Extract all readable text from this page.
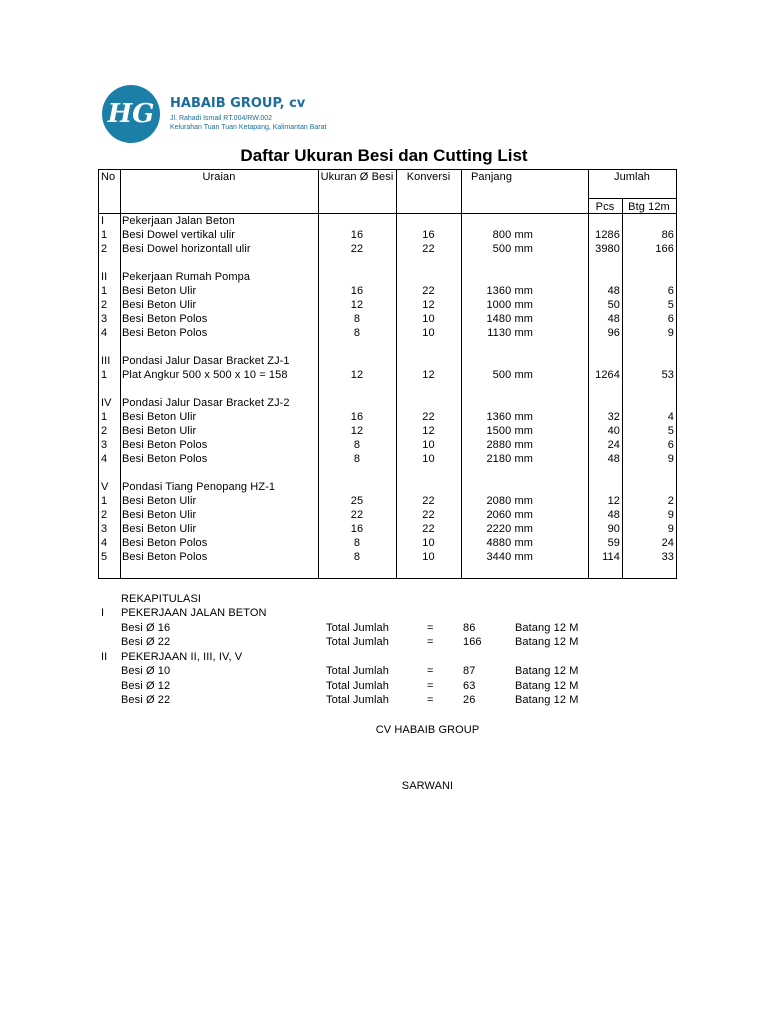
HG	HABAIB GROUP, cv
Jl. Rahadi Ismail RT.004/RW.002
Kelurahan Tuan Tuan Ketapang, Kalimantan Barat
Daftar Ukuran Besi dan Cutting List
No	Uraian	Ukuran Ø Besi	Konversi	Panjang	Jumlah
Pcs	Btg 12m
I Pekerjaan Jalan Beton
1 Besi Dowel vertikal ulir	16	16	800 mm	1286	86
2 Besi Dowel horizontall ulir	22	22	500 mm	3980	166
II Pekerjaan Rumah Pompa
1 Besi Beton Ulir	16	22	1360 mm	48	6
2 Besi Beton Ulir	12	12	1000 mm	50	5
3 Besi Beton Polos	8	10	1480 mm	48	6
4 Besi Beton Polos	8	10	1130 mm	96	9
III Pondasi Jalur Dasar Bracket ZJ-1
1 Plat Angkur 500 x 500 x 10 = 158	12	12	500 mm	1264	53
IV Pondasi Jalur Dasar Bracket ZJ-2
1 Besi Beton Ulir	16	22	1360 mm	32	4
2 Besi Beton Ulir	12	12	1500 mm	40	5
3 Besi Beton Polos	8	10	2880 mm	24	6
4 Besi Beton Polos	8	10	2180 mm	48	9
V Pondasi Tiang Penopang HZ-1
1 Besi Beton Ulir	25	22	2080 mm	12	2
2 Besi Beton Ulir	22	22	2060 mm	48	9
3 Besi Beton Ulir	16	22	2220 mm	90	9
4 Besi Beton Polos	8	10	4880 mm	59	24
5 Besi Beton Polos	8	10	3440 mm	114	33
REKAPITULASI
I PEKERJAAN JALAN BETON
Besi Ø 16	Total Jumlah	=	86	Batang 12 M
Besi Ø 22	Total Jumlah	=	166	Batang 12 M
II PEKERJAAN II, III, IV, V
Besi Ø 10	Total Jumlah	=	87	Batang 12 M
Besi Ø 12	Total Jumlah	=	63	Batang 12 M
Besi Ø 22	Total Jumlah	=	26	Batang 12 M
CV HABAIB GROUP
SARWANI
